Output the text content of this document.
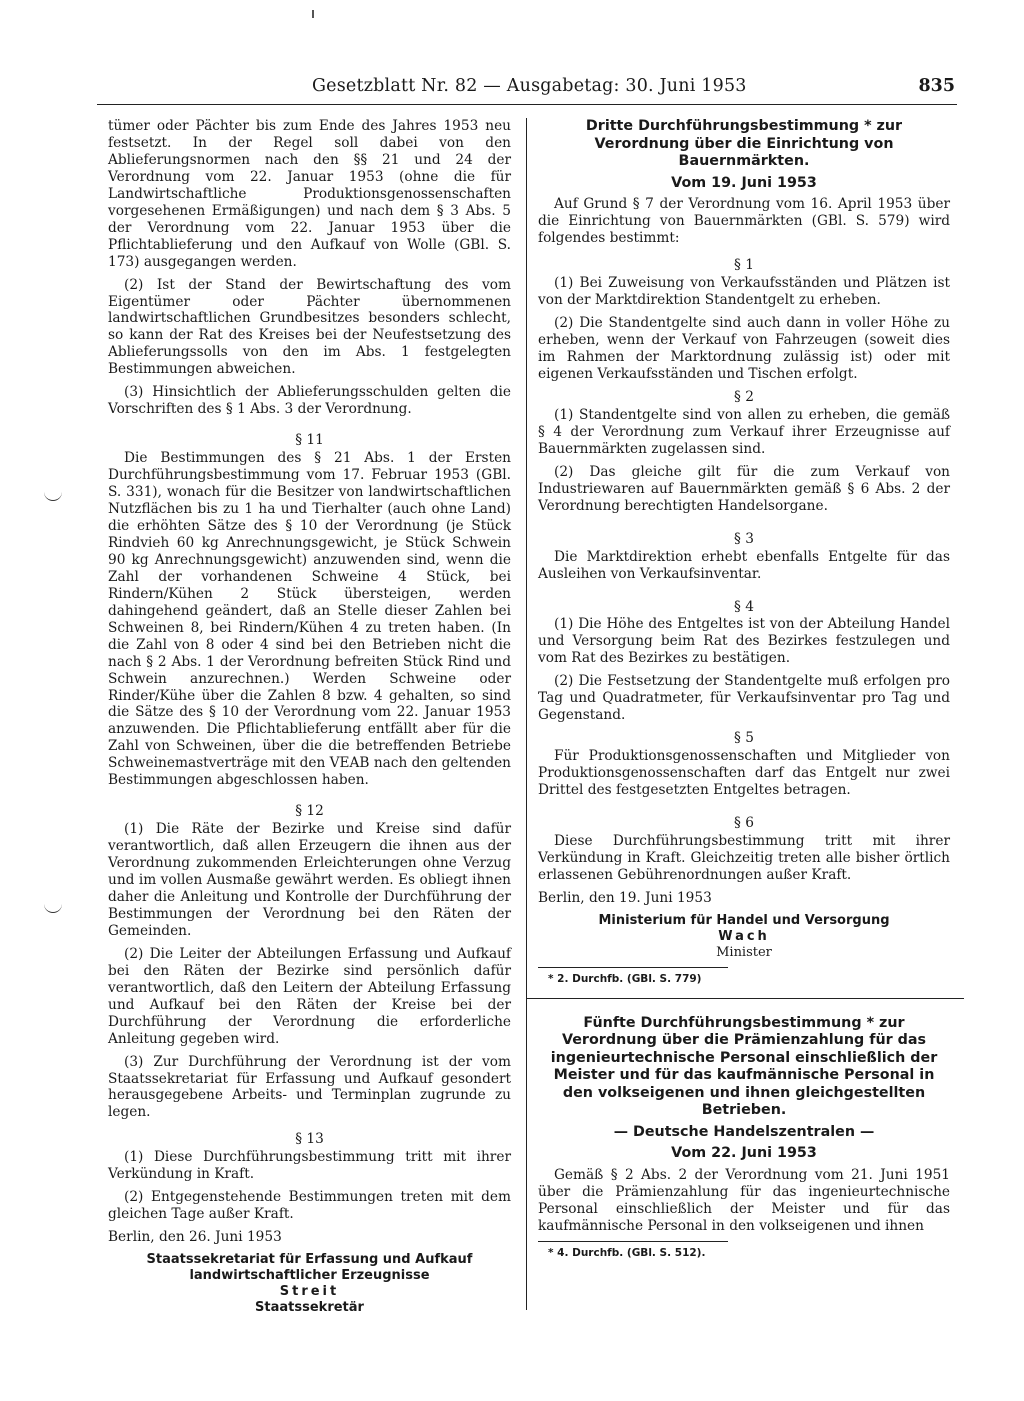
Gesetzblatt Nr. 82 — Ausgabetag: 30. Juni 1953	835

tümer oder Pächter bis zum Ende des Jahres 1953 neu festsetzt. In der Regel soll dabei von den Ablieferungsnormen nach den §§ 21 und 24 der Verordnung vom 22. Januar 1953 (ohne die für Landwirtschaftliche Produktionsgenossenschaften vorgesehenen Ermäßigungen) und nach dem § 3 Abs. 5 der Verordnung vom 22. Januar 1953 über die Pflichtablieferung und den Aufkauf von Wolle (GBl. S. 173) ausgegangen werden.

(2) Ist der Stand der Bewirtschaftung des vom Eigentümer oder Pächter übernommenen landwirtschaftlichen Grundbesitzes besonders schlecht, so kann der Rat des Kreises bei der Neufestsetzung des Ablieferungssolls von den im Abs. 1 festgelegten Bestimmungen abweichen.

(3) Hinsichtlich der Ablieferungsschulden gelten die Vorschriften des § 1 Abs. 3 der Verordnung.

§ 11

Die Bestimmungen des § 21 Abs. 1 der Ersten Durchführungsbestimmung vom 17. Februar 1953 (GBl. S. 331), wonach für die Besitzer von landwirtschaftlichen Nutzflächen bis zu 1 ha und Tierhalter (auch ohne Land) die erhöhten Sätze des § 10 der Verordnung (je Stück Rindvieh 60 kg Anrechnungsgewicht, je Stück Schwein 90 kg Anrechnungsgewicht) anzuwenden sind, wenn die Zahl der vorhandenen Schweine 4 Stück, bei Rindern/Kühen 2 Stück übersteigen, werden dahingehend geändert, daß an Stelle dieser Zahlen bei Schweinen 8, bei Rindern/Kühen 4 zu treten haben. (In die Zahl von 8 oder 4 sind bei den Betrieben nicht die nach § 2 Abs. 1 der Verordnung befreiten Stück Rind und Schwein anzurechnen.) Werden Schweine oder Rinder/Kühe über die Zahlen 8 bzw. 4 gehalten, so sind die Sätze des § 10 der Verordnung vom 22. Januar 1953 anzuwenden. Die Pflichtablieferung entfällt aber für die Zahl von Schweinen, über die die betreffenden Betriebe Schweinemastverträge mit den VEAB nach den geltenden Bestimmungen abgeschlossen haben.

§ 12

(1) Die Räte der Bezirke und Kreise sind dafür verantwortlich, daß allen Erzeugern die ihnen aus der Verordnung zukommenden Erleichterungen ohne Verzug und im vollen Ausmaße gewährt werden. Es obliegt ihnen daher die Anleitung und Kontrolle der Durchführung der Bestimmungen der Verordnung bei den Räten der Gemeinden.

(2) Die Leiter der Abteilungen Erfassung und Aufkauf bei den Räten der Bezirke sind persönlich dafür verantwortlich, daß den Leitern der Abteilung Erfassung und Aufkauf bei den Räten der Kreise bei der Durchführung der Verordnung die erforderliche Anleitung gegeben wird.

(3) Zur Durchführung der Verordnung ist der vom Staatssekretariat für Erfassung und Aufkauf gesondert herausgegebene Arbeits- und Terminplan zugrunde zu legen.

§ 13

(1) Diese Durchführungsbestimmung tritt mit ihrer Verkündung in Kraft.

(2) Entgegenstehende Bestimmungen treten mit dem gleichen Tage außer Kraft.

Berlin, den 26. Juni 1953

Staatssekretariat für Erfassung und Aufkauf landwirtschaftlicher Erzeugnisse
Streit
Staatssekretär
Dritte Durchführungsbestimmung * zur Verordnung über die Einrichtung von Bauernmärkten.
Vom 19. Juni 1953

Auf Grund § 7 der Verordnung vom 16. April 1953 über die Einrichtung von Bauernmärkten (GBl. S. 579) wird folgendes bestimmt:

§ 1

(1) Bei Zuweisung von Verkaufsständen und Plätzen ist von der Marktdirektion Standentgelt zu erheben.

(2) Die Standentgelte sind auch dann in voller Höhe zu erheben, wenn der Verkauf von Fahrzeugen (soweit dies im Rahmen der Marktordnung zulässig ist) oder mit eigenen Verkaufsständen und Tischen erfolgt.

§ 2

(1) Standentgelte sind von allen zu erheben, die gemäß § 4 der Verordnung zum Verkauf ihrer Erzeugnisse auf Bauernmärkten zugelassen sind.

(2) Das gleiche gilt für die zum Verkauf von Industriewaren auf Bauernmärkten gemäß § 6 Abs. 2 der Verordnung berechtigten Handelsorgane.

§ 3

Die Marktdirektion erhebt ebenfalls Entgelte für das Ausleihen von Verkaufsinventar.

§ 4

(1) Die Höhe des Entgeltes ist von der Abteilung Handel und Versorgung beim Rat des Bezirkes festzulegen und vom Rat des Bezirkes zu bestätigen.

(2) Die Festsetzung der Standentgelte muß erfolgen pro Tag und Quadratmeter, für Verkaufsinventar pro Tag und Gegenstand.

§ 5

Für Produktionsgenossenschaften und Mitglieder von Produktionsgenossenschaften darf das Entgelt nur zwei Drittel des festgesetzten Entgeltes betragen.

§ 6

Diese Durchführungsbestimmung tritt mit ihrer Verkündung in Kraft. Gleichzeitig treten alle bisher örtlich erlassenen Gebührenordnungen außer Kraft.

Berlin, den 19. Juni 1953

Ministerium für Handel und Versorgung
Wach
Minister
* 2. Durchfb. (GBl. S. 779)
Fünfte Durchführungsbestimmung * zur Verordnung über die Prämienzahlung für das ingenieurtechnische Personal einschließlich der Meister und für das kaufmännische Personal in den volkseigenen und ihnen gleichgestellten Betrieben.
— Deutsche Handelszentralen —
Vom 22. Juni 1953

Gemäß § 2 Abs. 2 der Verordnung vom 21. Juni 1951 über die Prämienzahlung für das ingenieurtechnische Personal einschließlich der Meister und für das kaufmännische Personal in den volkseigenen und ihnen

* 4. Durchfb. (GBl. S. 512).
